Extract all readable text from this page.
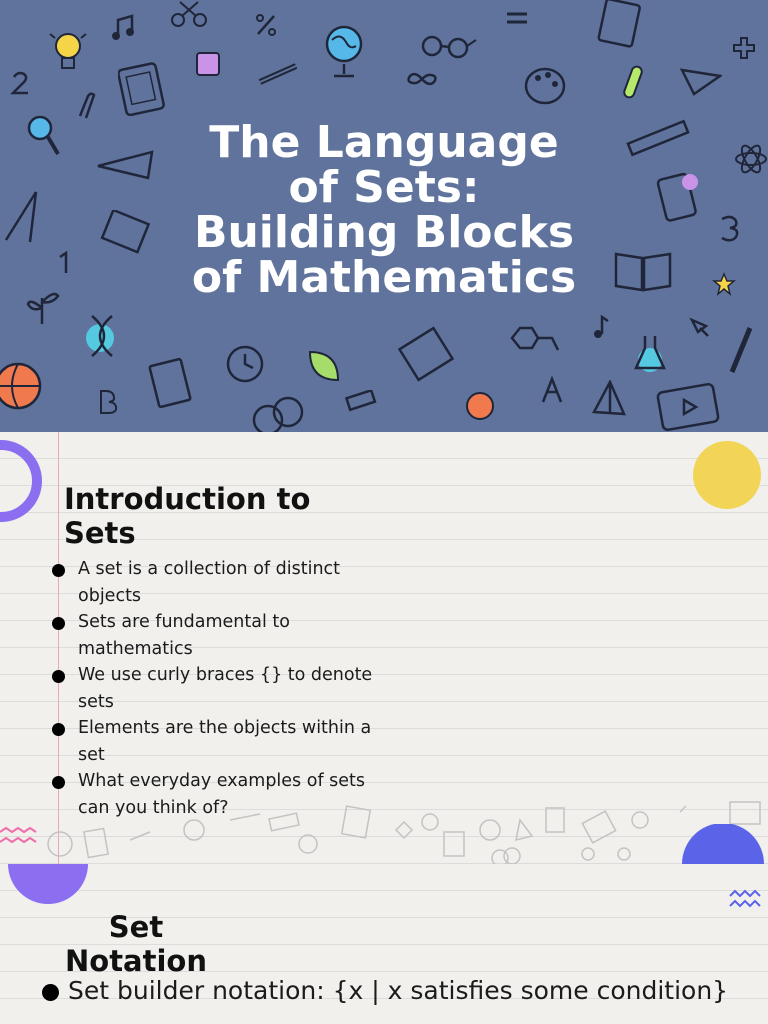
The Language
of Sets:
Building Blocks
of Mathematics
Introduction to
Sets
A set is a collection of distinct objects
Sets are fundamental to mathematics
We use curly braces {} to denote sets
Elements are the objects within a set
What everyday examples of sets can you think of?
Set
Notation
Set builder notation: {x | x satisfies some condition}
